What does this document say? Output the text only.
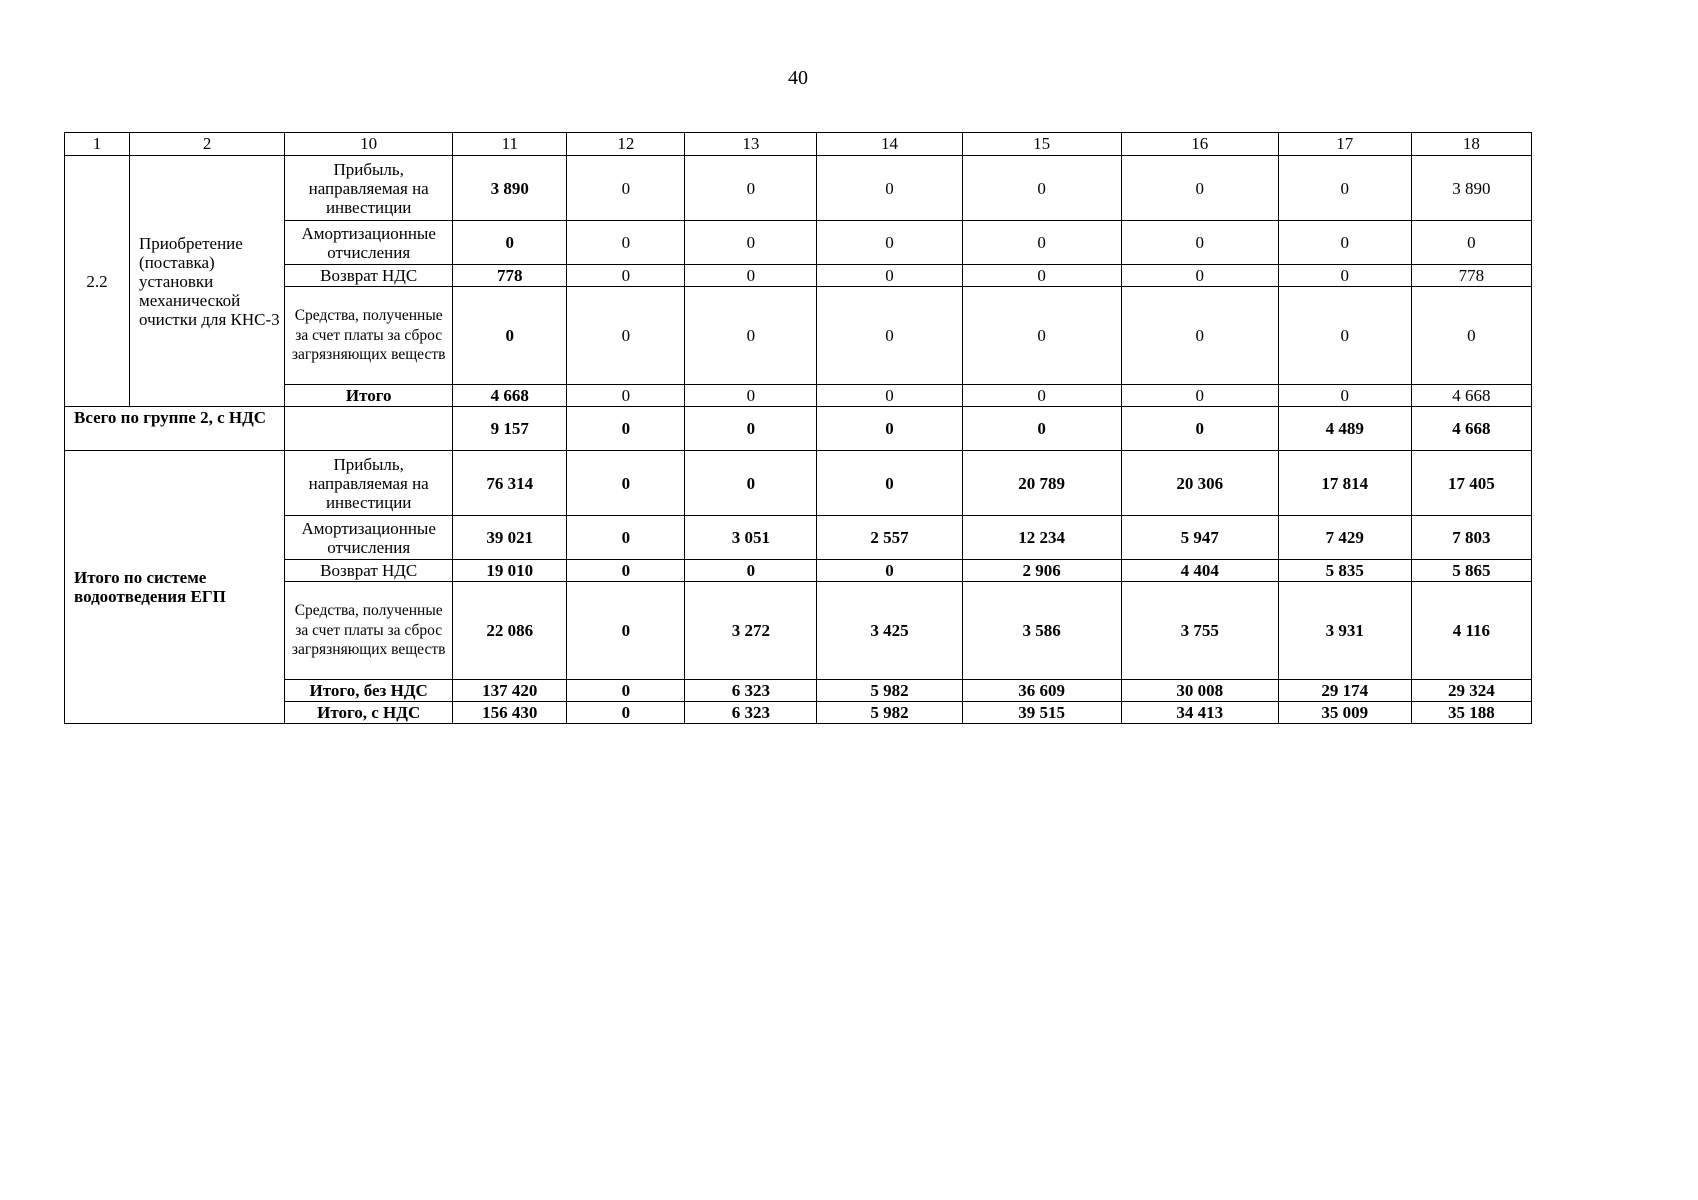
40
1	2	10	11	12	13	14	15	16	17	18
2.2	Приобретение (поставка) установки механической очистки для КНС-3	Прибыль, направляемая на инвестиции	3 890	0	0	0	0	0	0	3 890
		Амортизационные отчисления	0	0	0	0	0	0	0	0
		Возврат НДС	778	0	0	0	0	0	0	778
		Средства, полученные за счет платы за сброс загрязняющих веществ	0	0	0	0	0	0	0	0
		Итого	4 668	0	0	0	0	0	0	4 668
Всего по группе 2, с НДС			9 157	0	0	0	0	0	4 489	4 668
Итого по системе водоотведения ЕГП		Прибыль, направляемая на инвестиции	76 314	0	0	0	20 789	20 306	17 814	17 405
		Амортизационные отчисления	39 021	0	3 051	2 557	12 234	5 947	7 429	7 803
		Возврат НДС	19 010	0	0	0	2 906	4 404	5 835	5 865
		Средства, полученные за счет платы за сброс загрязняющих веществ	22 086	0	3 272	3 425	3 586	3 755	3 931	4 116
		Итого, без НДС	137 420	0	6 323	5 982	36 609	30 008	29 174	29 324
		Итого, с НДС	156 430	0	6 323	5 982	39 515	34 413	35 009	35 188
